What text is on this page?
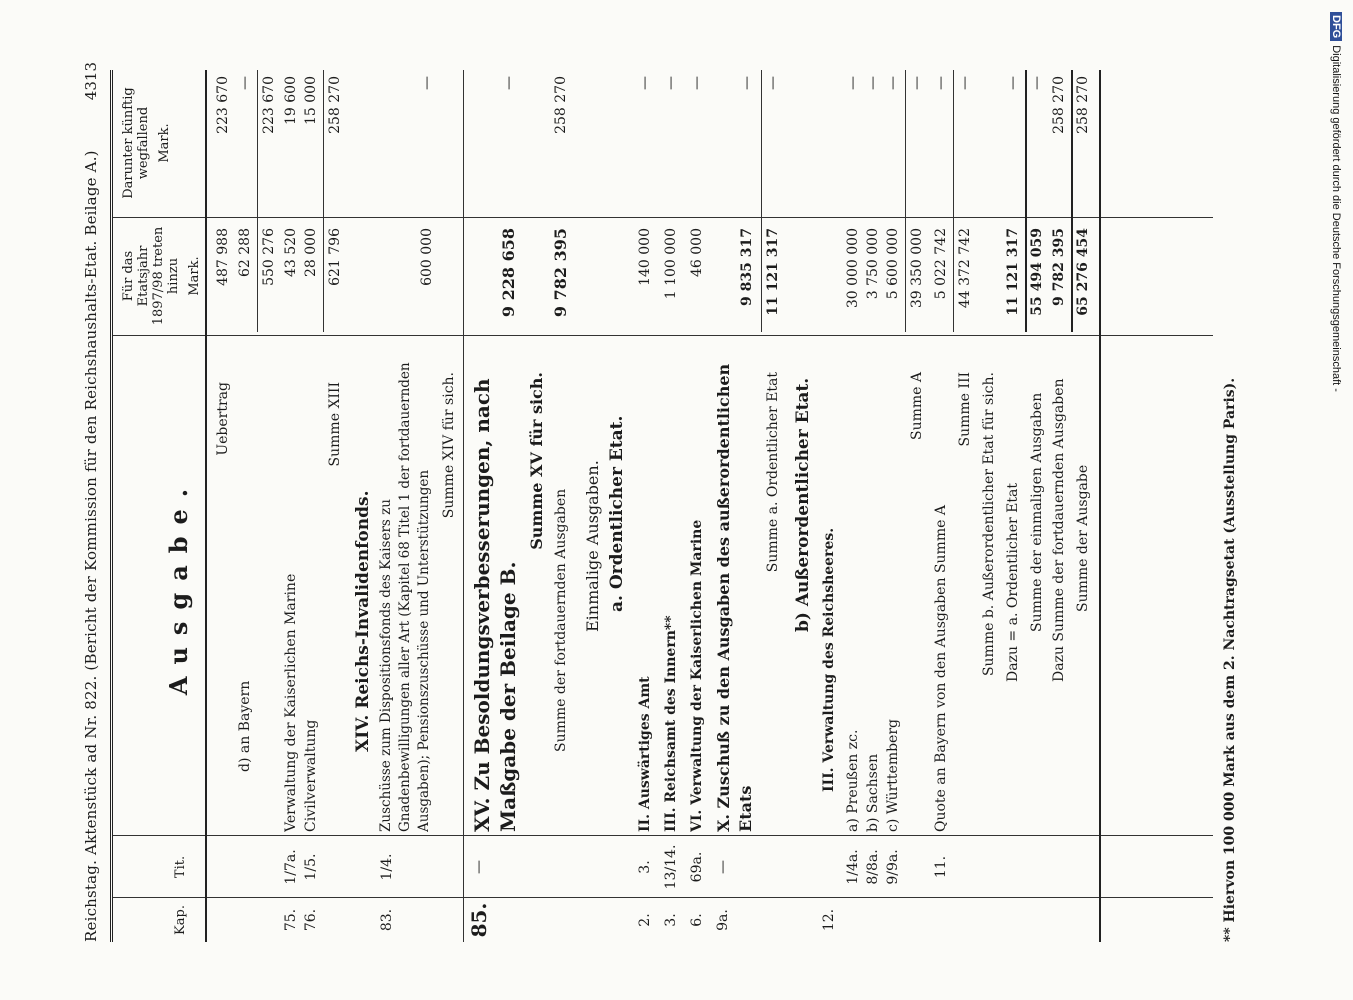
Reichstag. Aktenstück ad Nr. 822. (Bericht der Kommission für den Reichshaushalts-Etat. Beilage A.)
4313
Kap.
Tit.
Ausgabe.
Für das Etatsjahr 1897/98 treten hinzu Mark.
Darunter künftig wegfallend Mark.
Uebertrag
487 988
223 670
d) an Bayern
62 288
—
550 276
223 670
75.
1/7a.
Verwaltung der Kaiserlichen Marine
43 520
19 600
76.
1/5.
Civilverwaltung
28 000
15 000
Summe XIII
621 796
258 270
XIV. Reichs-Invalidenfonds.
83.
1/4.
Zuschüsse zum Dispositionsfonds des Kaisers zu Gnadenbewilligungen aller Art (Kapitel 68 Titel 1 der fortdauernden Ausgaben); Pensionszuschüsse und Unterstützungen
600 000
—
Summe XIV für sich.
85.
—
XV. Zu Besoldungsverbesserungen, nach Maßgabe der Beilage B.
9 228 658
—
Summe XV für sich.
Summe der fortdauernden Ausgaben
9 782 395
258 270
Einmalige Ausgaben. a. Ordentlicher Etat.
2.
3.
II. Auswärtiges Amt
140 000
—
3.
13/14.
III. Reichsamt des Innern**
1 100 000
—
6.
69a.
VI. Verwaltung der Kaiserlichen Marine
46 000
—
9a.
—
X. Zuschuß zu den Ausgaben des außerordentlichen Etats
9 835 317
—
Summe a. Ordentlicher Etat
11 121 317
—
b) Außerordentlicher Etat.
12.
III. Verwaltung des Reichsheeres.
1/4a.
a) Preußen zc.
30 000 000
—
8/8a.
b) Sachsen
3 750 000
—
9/9a.
c) Württemberg
5 600 000
—
Summe A
39 350 000
—
11.
Quote an Bayern von den Ausgaben Summe A
5 022 742
—
Summe III
44 372 742
—
Summe b. Außerordentlicher Etat für sich. Dazu = a. Ordentlicher Etat
11 121 317
—
Summe der einmaligen Ausgaben
55 494 059
—
Dazu Summe der fortdauernden Ausgaben
9 782 395
258 270
Summe der Ausgabe
65 276 454
258 270
** Hiervon 100 000 Mark aus dem 2. Nachtragsetat (Ausstellung Paris).
DFGDigitalisierung gefördert durch die Deutsche Forschungsgemeinschaft -
